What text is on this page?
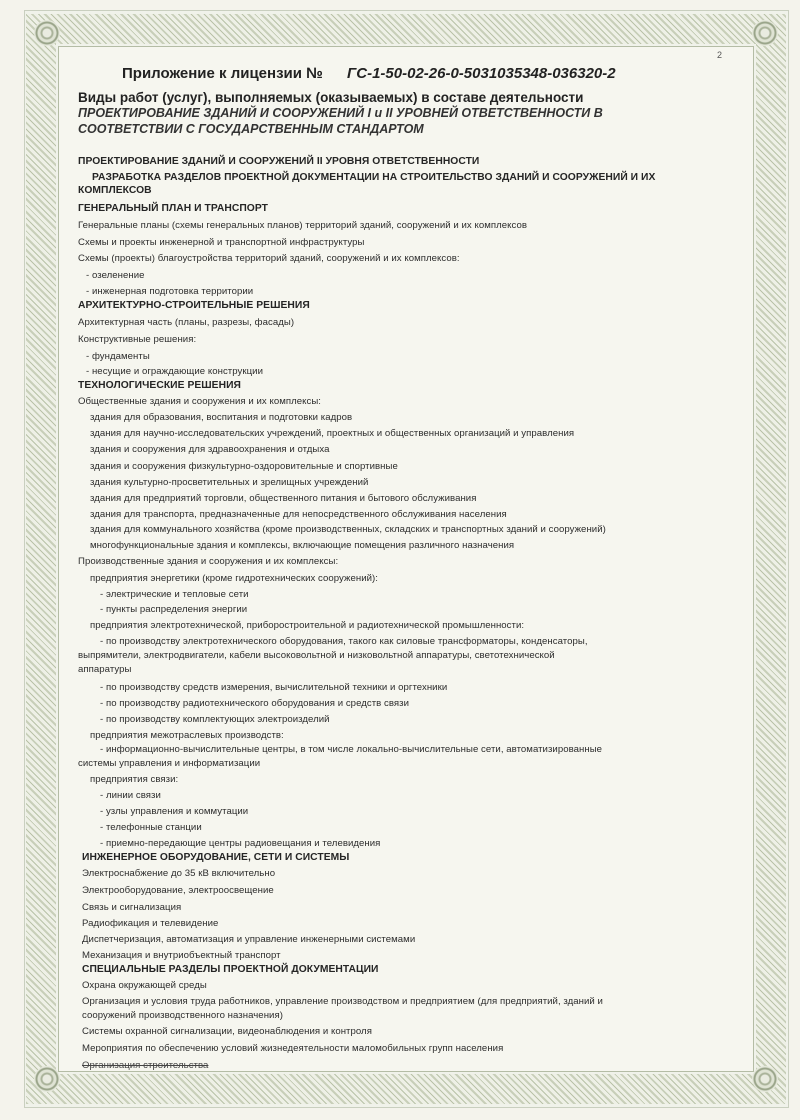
2
Приложение к лицензии № ГС-1-50-02-26-0-5031035348-036320-2
Виды работ (услуг), выполняемых (оказываемых) в составе деятельности
ПРОЕКТИРОВАНИЕ ЗДАНИЙ И СООРУЖЕНИЙ I и II УРОВНЕЙ ОТВЕТСТВЕННОСТИ В
СООТВЕТСТВИИ С ГОСУДАРСТВЕННЫМ СТАНДАРТОМ
ПРОЕКТИРОВАНИЕ ЗДАНИЙ И СООРУЖЕНИЙ II УРОВНЯ ОТВЕТСТВЕННОСТИ
РАЗРАБОТКА РАЗДЕЛОВ ПРОЕКТНОЙ ДОКУМЕНТАЦИИ НА СТРОИТЕЛЬСТВО ЗДАНИЙ И СООРУЖЕНИЙ И ИХ
КОМПЛЕКСОВ
ГЕНЕРАЛЬНЫЙ ПЛАН И ТРАНСПОРТ
Генеральные планы (схемы генеральных планов) территорий зданий, сооружений и их комплексов
Схемы и проекты инженерной и транспортной инфраструктуры
Схемы (проекты) благоустройства территорий зданий, сооружений и их комплексов:
- озеленение
- инженерная подготовка территории
АРХИТЕКТУРНО-СТРОИТЕЛЬНЫЕ РЕШЕНИЯ
Архитектурная часть (планы, разрезы, фасады)
Конструктивные решения:
- фундаменты
- несущие и ограждающие конструкции
ТЕХНОЛОГИЧЕСКИЕ РЕШЕНИЯ
Общественные здания и сооружения и их комплексы:
здания для образования, воспитания и подготовки кадров
здания для научно-исследовательских учреждений, проектных и общественных организаций и управления
здания и сооружения для здравоохранения и отдыха
здания и сооружения физкультурно-оздоровительные и спортивные
здания культурно-просветительных и зрелищных учреждений
здания для предприятий торговли, общественного питания и бытового обслуживания
здания для транспорта, предназначенные для непосредственного обслуживания населения
здания для коммунального хозяйства (кроме производственных, складских и транспортных зданий и сооружений)
многофункциональные здания и комплексы, включающие помещения различного назначения
Производственные здания и сооружения и их комплексы:
предприятия энергетики (кроме гидротехнических сооружений):
- электрические и тепловые сети
- пункты распределения энергии
предприятия электротехнической, приборостроительной и радиотехнической промышленности:
- по производству электротехнического оборудования, такого как силовые трансформаторы, конденсаторы,
выпрямители, электродвигатели, кабели высоковольтной и низковольтной аппаратуры, светотехнической
аппаратуры
- по производству средств измерения, вычислительной техники и оргтехники
- по производству радиотехнического оборудования и средств связи
- по производству комплектующих электроизделий
предприятия межотраслевых производств:
- информационно-вычислительные центры, в том числе локально-вычислительные сети, автоматизированные
системы управления и информатизации
предприятия связи:
- линии связи
- узлы управления и коммутации
- телефонные станции
- приемно-передающие центры радиовещания и телевидения
ИНЖЕНЕРНОЕ ОБОРУДОВАНИЕ, СЕТИ И СИСТЕМЫ
Электроснабжение до 35 кВ включительно
Электрооборудование, электроосвещение
Связь и сигнализация
Радиофикация и телевидение
Диспетчеризация, автоматизация и управление инженерными системами
Механизация и внутриобъектный транспорт
СПЕЦИАЛЬНЫЕ РАЗДЕЛЫ ПРОЕКТНОЙ ДОКУМЕНТАЦИИ
Охрана окружающей среды
Организация и условия труда работников, управление производством и предприятием (для предприятий, зданий и
сооружений производственного назначения)
Системы охранной сигнализации, видеонаблюдения и контроля
Мероприятия по обеспечению условий жизнедеятельности маломобильных групп населения
Организация строительства
